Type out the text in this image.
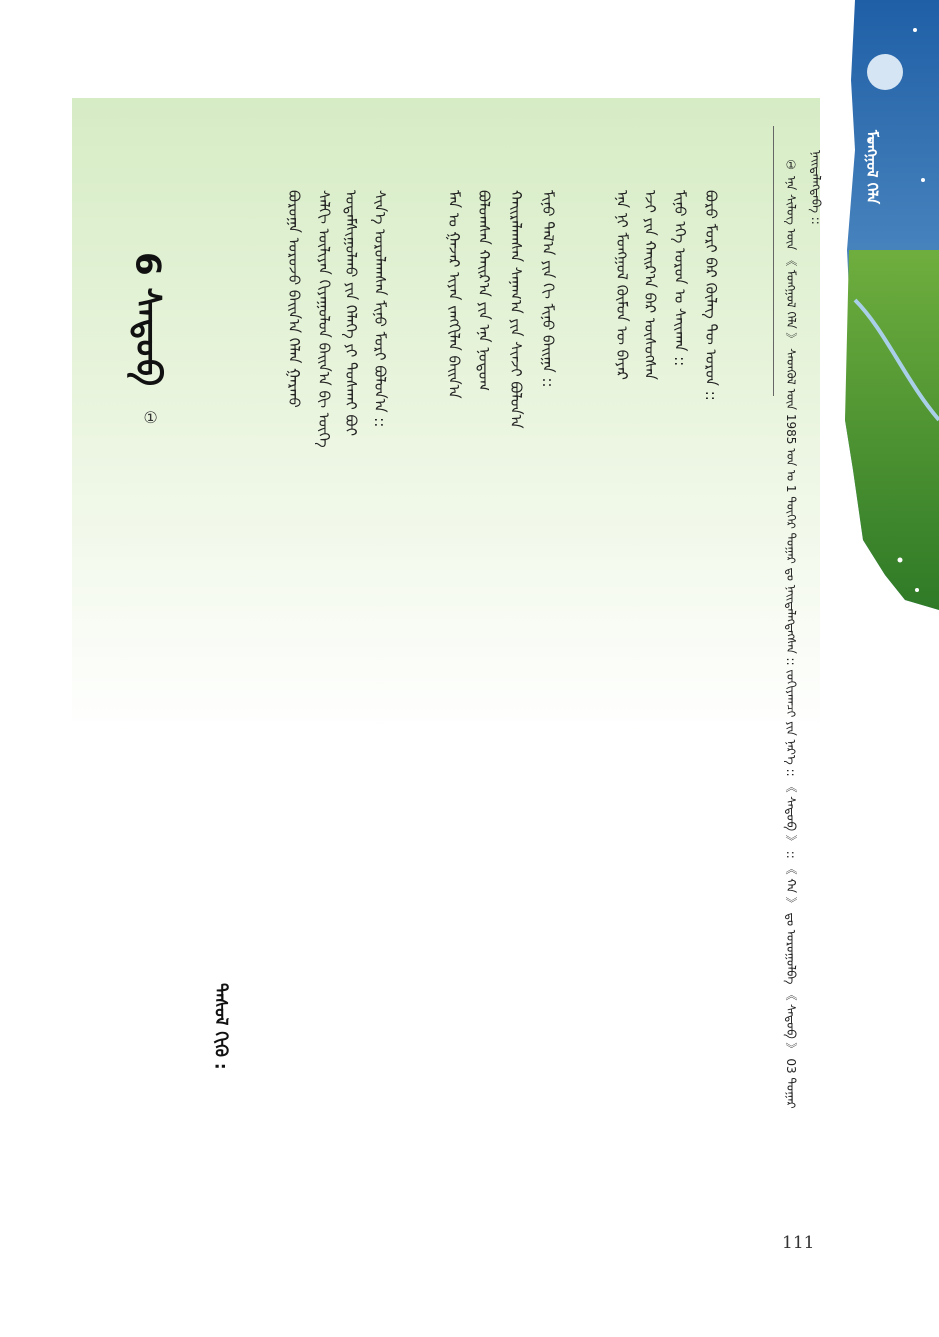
ᠮᠣᠩᠭᠣᠯ ᠬᠡᠯᠡ
6 ᠰᠡᠳᠦᠪ
①
ᠪᠣᠷᠣᠭᠠ ᠣᠷᠣᠵᠤ ᠪᠠᠢᠨ᠎ᠠ ᠬᠡᠯᠡᠨ ᠭᠠᠷᠬᠤ ᠰᠠᠯᠬᠢ ᠦᠯᠢᠶᠡᠨ ᠬᠢᠶᠠᠭᠤᠯᠤᠨ ᠪᠠᠢᠨ᠎ᠠ ᠪᠢ ᠦᠭᠡ ᠤᠳᠠᠮᠰᠢᠭᠤᠯᠬᠤ ᠶᠢᠨ ᠬᠡᠯᠡᠭᠡ ᠶᠢ ᠲᠤᠰᠬᠠᠢ ᠪᠣᠢ ᠰᠢᠨ᠎ᠡ ᠣᠷᠣᠯᠠᠭᠰᠠᠨ ᠮᠢᠨᠤ ᠮᠣᠷᠢ ᠪᠣᠯᠤᠨ᠎ᠠ ::	ᠮᠠᠨ ᠤ ᠭᠠᠵᠠᠷ ᠢᠶᠠᠨ ᠵᠠᠩᠭᠢᠯᠠᠨ ᠪᠠᠢᠨ᠎ᠠ ᠪᠣᠯᠤᠭᠰᠠᠨ ᠬᠠᠢᠷ᠎ᠠ ᠶᠢᠨ ᠡᠨᠡ ᠨᠤᠲᠤᠭ ᠬᠠᠢᠷᠠᠯᠠᠭᠰᠠᠨ ᠰᠠᠨᠠᠭ᠎ᠠ ᠶᠢᠨ ᠰᠢᠨᠵᠢ ᠪᠣᠯᠤᠨ᠎ᠠ ᠮᠢᠨᠤ ᠲᠠᠯ᠎ᠠ ᠶᠢᠨ ᠬᠢ ᠮᠢᠨᠤ ᠪᠠᠢᠭᠠ ::	ᠡᠨᠡ ᠨᠢ ᠮᠣᠩᠭᠣᠯ ᠬᠦᠮᠦᠨ ᠦ ᠪᠠᠶᠠᠷ ᠡᠵᠢ ᠶᠢᠨ ᠬᠠᠢᠷ᠎ᠠ ᠪᠠᠷ ᠥᠰᠦᠭᠰᠡᠨ ᠮᠢᠨᠤ ᠡᠬᠡ ᠣᠷᠣᠨ ᠤ ᠰᠠᠢᠬᠠᠨ :: ᠪᠣᠷᠣ ᠮᠣᠷᠢ ᠪᠠᠷ ᠬᠦᠯᠡᠭ ᠲᠦ ᠣᠷᠣᠨ ::	① ᠡᠨᠡ ᠰᠢᠯᠦᠭ ᠦᠨ 《 ᠮᠣᠩᠭᠣᠯ ᠬᠡᠯᠡ 》 ᠰᠡᠳᠬᠦᠯ ᠦᠨ 1985 ᠣᠨ ᠤ 1 ᠳᠦᠭᠡᠷ ᠳᠤᠭᠠᠷ ᠳᠤ ᠨᠡᠢᠲᠡᠯᠡᠭᠳᠡᠭᠰᠡᠨ :: ᠵᠣᠬᠢᠶᠠᠭᠴᠢ ᠶᠢᠨ ᠨᠡᠷ᠎ᠡ :: 《 ᠰᠡᠳᠦᠪ 》 :: 《 ᠬᠠ 》 ᠳᠤ ᠣᠷᠣᠭᠤᠯᠪᠠ 《 ᠰᠡᠳᠦᠪ 》 03 ᠳᠤᠭᠠᠷ ᠨᠡᠢᠲᠡᠯᠡᠭᠳᠡᠪᠡ ::
ᠳᠠᠰᠤᠯ ᠬᠢᠬᠦ :
111
